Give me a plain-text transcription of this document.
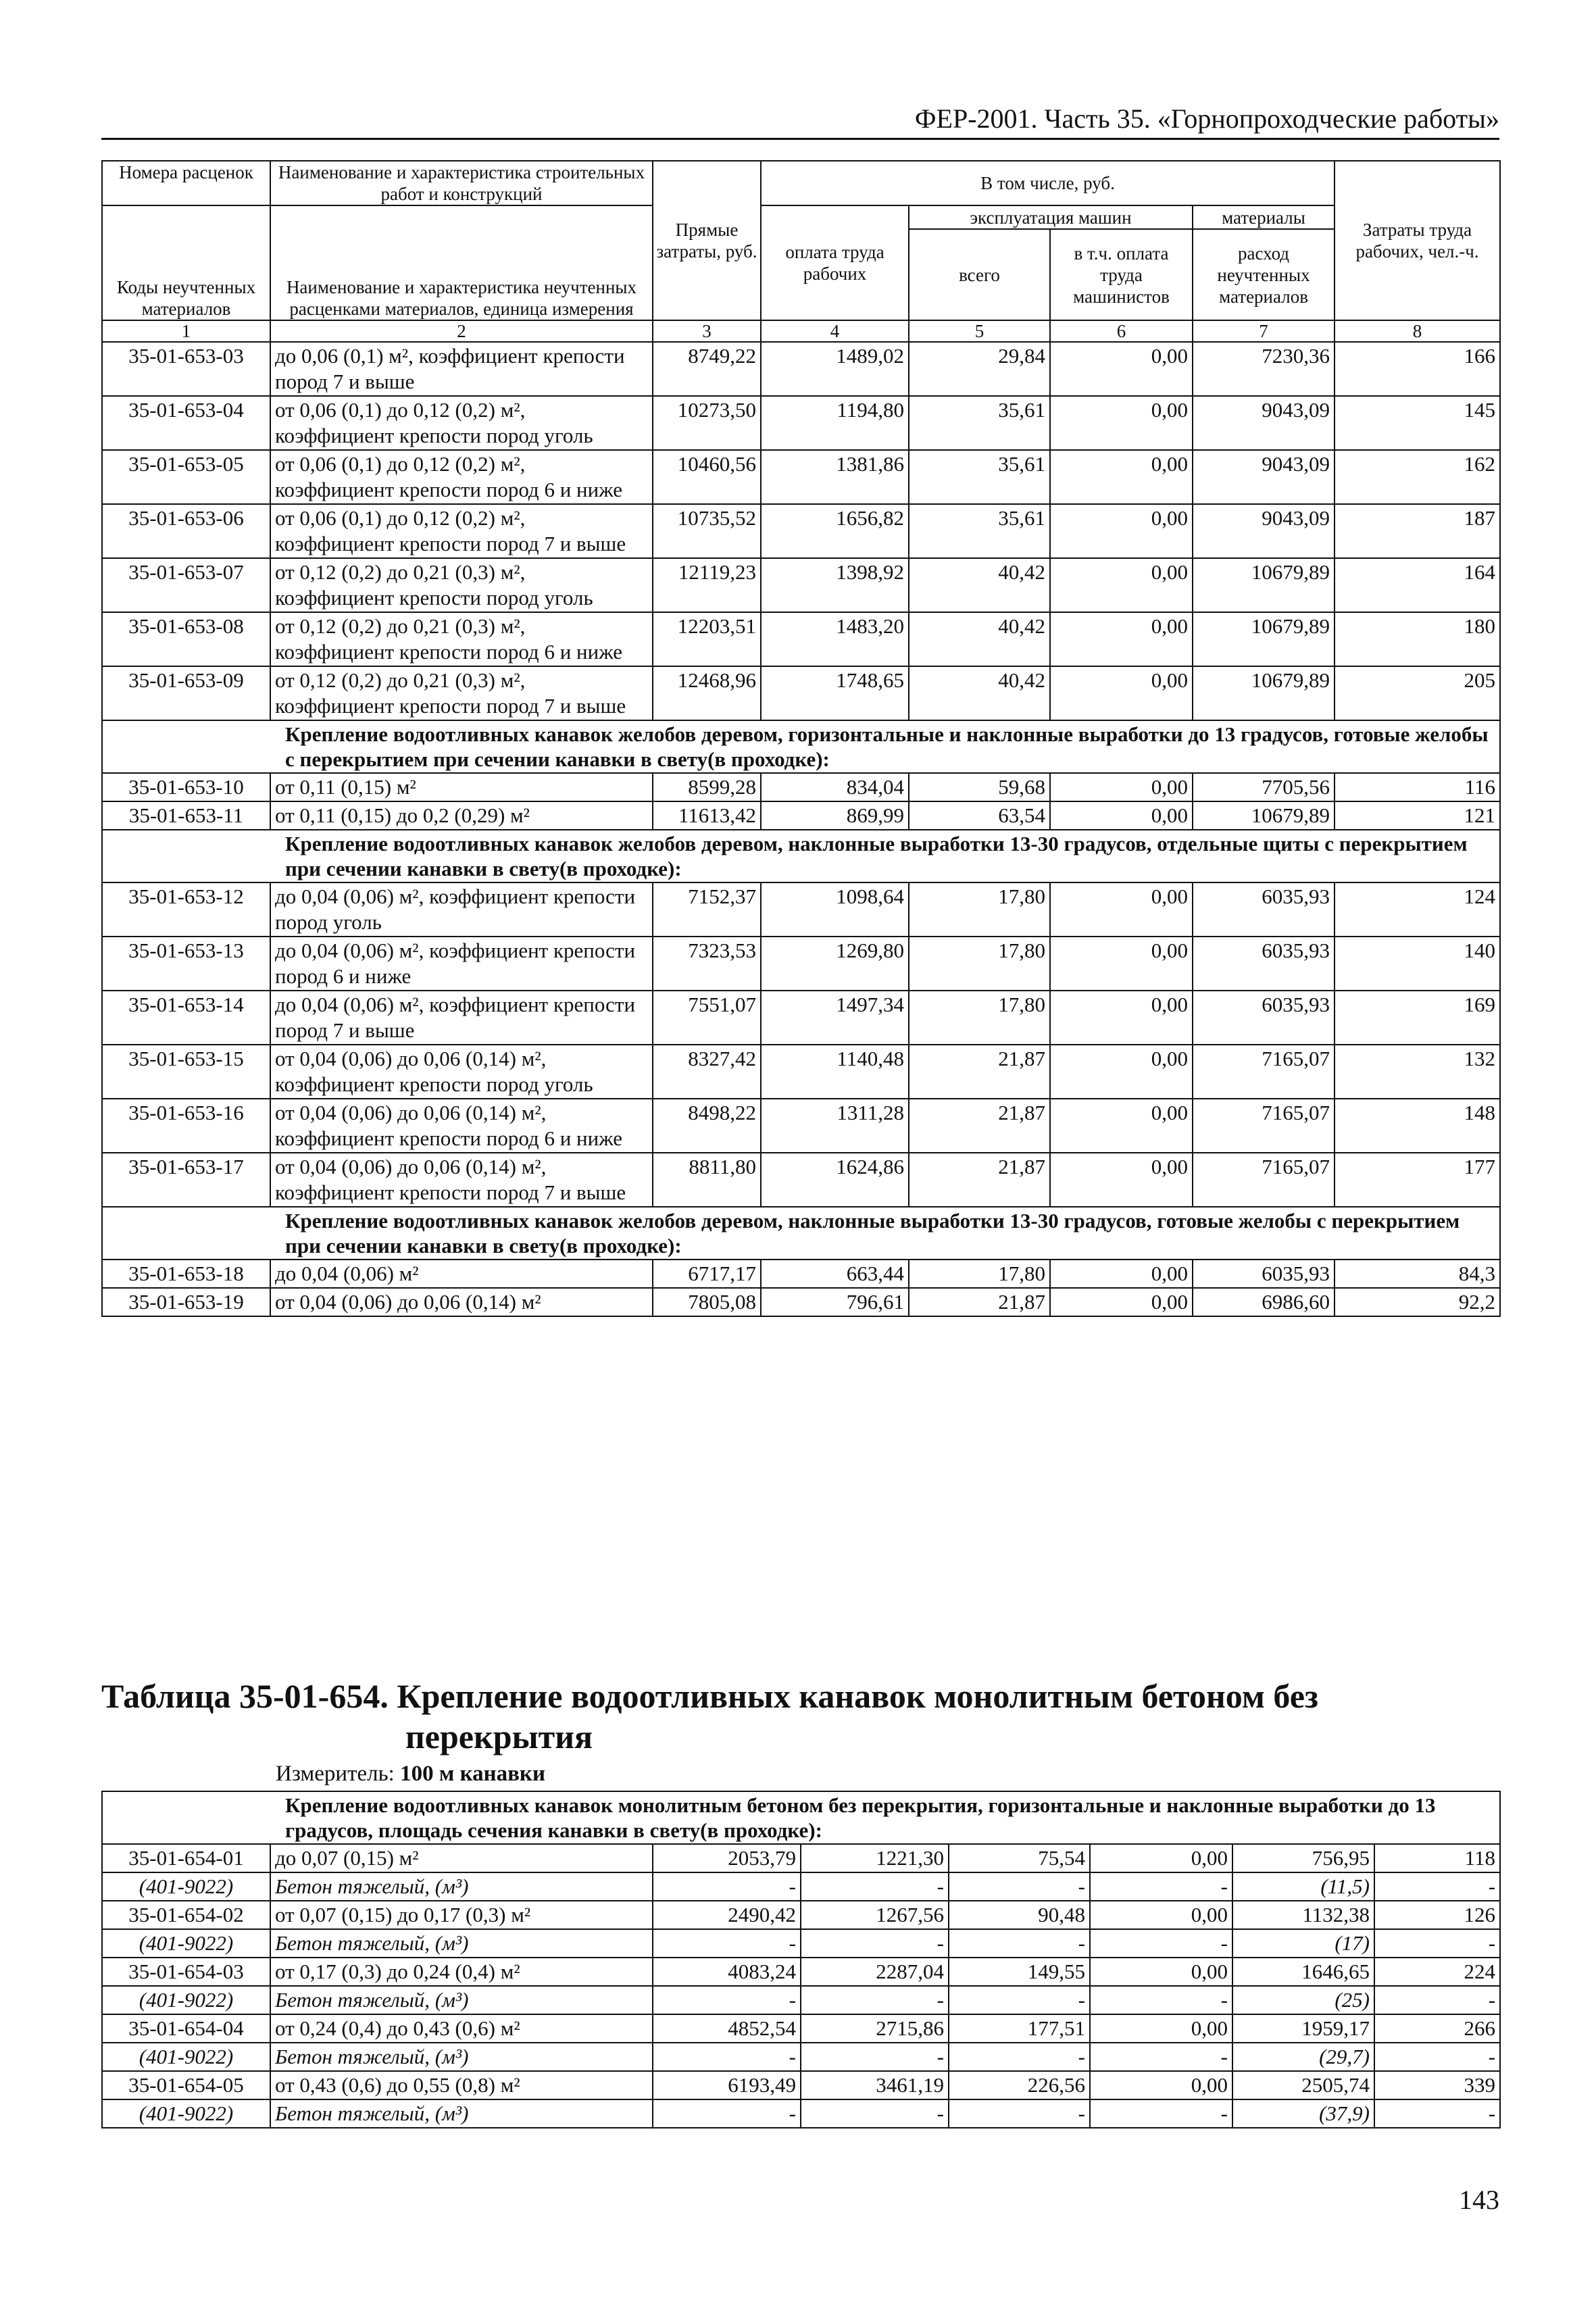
ФЕР-2001. Часть 35. «Горнопроходческие работы»
Номера расценок	Наименование и характеристика строительных работ и конструкций	Прямые затраты, руб.	В том числе, руб.				Затраты труда рабочих, чел.-ч.
Коды неучтенных материалов	Наименование и характеристика неучтенных расценками материалов, единица измерения		оплата труда рабочих	эксплуатация машин		материалы	
				всего	в т.ч. оплата труда машинистов	расход неучтенных материалов	
1	2	3	4	5	6	7	8
35-01-653-03	до 0,06 (0,1) м², коэффициент крепости пород 7 и выше	8749,22	1489,02	29,84	0,00	7230,36	166
35-01-653-04	от 0,06 (0,1) до 0,12 (0,2) м², коэффициент крепости пород уголь	10273,50	1194,80	35,61	0,00	9043,09	145
35-01-653-05	от 0,06 (0,1) до 0,12 (0,2) м², коэффициент крепости пород 6 и ниже	10460,56	1381,86	35,61	0,00	9043,09	162
35-01-653-06	от 0,06 (0,1) до 0,12 (0,2) м², коэффициент крепости пород 7 и выше	10735,52	1656,82	35,61	0,00	9043,09	187
35-01-653-07	от 0,12 (0,2) до 0,21 (0,3) м², коэффициент крепости пород уголь	12119,23	1398,92	40,42	0,00	10679,89	164
35-01-653-08	от 0,12 (0,2) до 0,21 (0,3) м², коэффициент крепости пород 6 и ниже	12203,51	1483,20	40,42	0,00	10679,89	180
35-01-653-09	от 0,12 (0,2) до 0,21 (0,3) м², коэффициент крепости пород 7 и выше	12468,96	1748,65	40,42	0,00	10679,89	205
Крепление водоотливных канавок желобов деревом, горизонтальные и наклонные выработки до 13 градусов, готовые желобы с перекрытием при сечении канавки в свету(в проходке):							
35-01-653-10	от 0,11 (0,15) м²	8599,28	834,04	59,68	0,00	7705,56	116
35-01-653-11	от 0,11 (0,15) до 0,2 (0,29) м²	11613,42	869,99	63,54	0,00	10679,89	121
Крепление водоотливных канавок желобов деревом, наклонные выработки 13-30 градусов, отдельные щиты с перекрытием при сечении канавки в свету(в проходке):							
35-01-653-12	до 0,04 (0,06) м², коэффициент крепости пород уголь	7152,37	1098,64	17,80	0,00	6035,93	124
35-01-653-13	до 0,04 (0,06) м², коэффициент крепости пород 6 и ниже	7323,53	1269,80	17,80	0,00	6035,93	140
35-01-653-14	до 0,04 (0,06) м², коэффициент крепости пород 7 и выше	7551,07	1497,34	17,80	0,00	6035,93	169
35-01-653-15	от 0,04 (0,06) до 0,06 (0,14) м², коэффициент крепости пород уголь	8327,42	1140,48	21,87	0,00	7165,07	132
35-01-653-16	от 0,04 (0,06) до 0,06 (0,14) м², коэффициент крепости пород 6 и ниже	8498,22	1311,28	21,87	0,00	7165,07	148
35-01-653-17	от 0,04 (0,06) до 0,06 (0,14) м², коэффициент крепости пород 7 и выше	8811,80	1624,86	21,87	0,00	7165,07	177
Крепление водоотливных канавок желобов деревом, наклонные выработки 13-30 градусов, готовые желобы с перекрытием при сечении канавки в свету(в проходке):							
35-01-653-18	до 0,04 (0,06) м²	6717,17	663,44	17,80	0,00	6035,93	84,3
35-01-653-19	от 0,04 (0,06) до 0,06 (0,14) м²	7805,08	796,61	21,87	0,00	6986,60	92,2
Таблица 35-01-654. Крепление водоотливных канавок монолитным бетоном без
перекрытия
Измеритель: 100 м канавки
Крепление водоотливных канавок монолитным бетоном без перекрытия, горизонтальные и наклонные выработки до 13 градусов, площадь сечения канавки в свету(в проходке):							
35-01-654-01	до 0,07 (0,15) м²	2053,79	1221,30	75,54	0,00	756,95	118
(401-9022)	Бетон тяжелый, (м³)	-	-	-	-	(11,5)	-
35-01-654-02	от 0,07 (0,15) до 0,17 (0,3) м²	2490,42	1267,56	90,48	0,00	1132,38	126
(401-9022)	Бетон тяжелый, (м³)	-	-	-	-	(17)	-
35-01-654-03	от 0,17 (0,3) до 0,24 (0,4) м²	4083,24	2287,04	149,55	0,00	1646,65	224
(401-9022)	Бетон тяжелый, (м³)	-	-	-	-	(25)	-
35-01-654-04	от 0,24 (0,4) до 0,43 (0,6) м²	4852,54	2715,86	177,51	0,00	1959,17	266
(401-9022)	Бетон тяжелый, (м³)	-	-	-	-	(29,7)	-
35-01-654-05	от 0,43 (0,6) до 0,55 (0,8) м²	6193,49	3461,19	226,56	0,00	2505,74	339
(401-9022)	Бетон тяжелый, (м³)	-	-	-	-	(37,9)	-
143
